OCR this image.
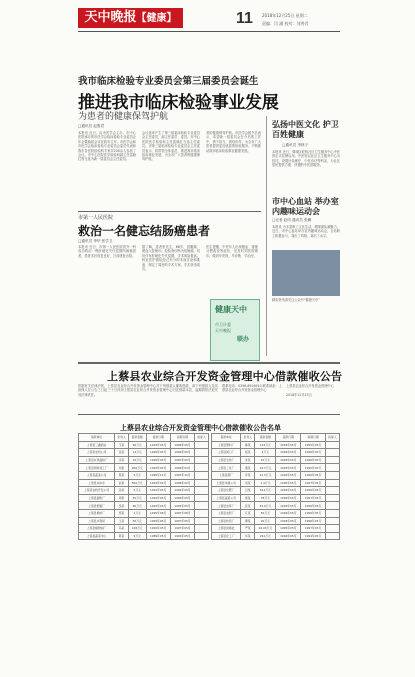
天中晚报【健康】	11 2018年12月25日 星期二
责编：闫 涵 校对：刘秀君
我市临床检验专业委员会第三届委员会诞生
推进我市临床检验事业发展
为患者的健康保驾护航
□通讯员 赵胜君
本报讯 近日，由市医学会主办，市中心医院承办的市医学会临床检验专业委员会年会暨换届会议在我市召开。市医学会和市医学会临床检验专业委员会委员代表和我市各医院检验科专家共200余人参加了会议。市中心医院医学检验科副主任雷晓红等当选为新一届委员会主任委员。
会议选举产生了第三届临床检验专业委员会主任委员、副主任委员、委员。市中心医院医学检验科主任雷晓红当选主任委员。市第三届临床检验专业委员会主任委员表示，将带领全体委员，推进我市临床检验事业发展，为全市广大患者的健康保驾护航。
者的健康保驾护航。市医学会秘书长表示，希望新一届委员会在今后的工作中，勇于担当，团结协作，为全市广大患者提供更加优质的检验服务，不断推动我市临床检验事业健康发展。
弘扬中医文化 护卫百姓健康
□通讯员 李林子
本报讯 近日，驿城区蛇桥社区卫生服务中心中医馆正式挂牌启用。中医馆以社区卫生服务中心为依托，设置针灸理疗、中医诊疗等科室，为社区居民提供方便、快捷的中医药服务。
市中心血站 举办室内趣味运动会
□记者 赵同 通讯员 张鹏
本报讯 为丰富职工文化生活，增强团队凝聚力，近日，市中心血站举办室内趣味运动会，全站职工积极参与，赛出了风格，赛出了水平。
精彩资讯请关注公众号“健康天中”
市第一人民医院
救治一名健忘结肠癌患者
□通讯员 李华 张学卫
本报讯 近日，市第一人民医院普外一科成功救治一例肝硬化失代偿期结肠癌患者，患者术后恢复良好，日前康复出院。
据了解，患者张先生，66岁，因腹痛、便血入院就诊。经检查诊断为结肠癌，同时伴有肝硬化失代偿期，手术风险极高。科室医护团队经过充分的术前讨论和准备，制定了周密的手术方案，手术获得成功。
医生提醒，中老年人出现便血、排便习惯改变等症状，应及时到医院就诊，做到早发现、早诊断、早治疗。
健康天中
市卫计委
天中晚报
联办
上蔡县农业综合开发资金管理中心借款催收公告
依据有关法律法规，上蔡县农业综合开发资金管理中心对下列借款人催收借款，请下列借款人及其担保人在公告之日起三十日内到上蔡县农业综合开发资金管理中心归还借款本息，逾期将依法追究其法律责任。
联系电话：0396-6916910 联系地址：上蔡县农业综合开发资金管理中心
上蔡县农业综合开发资金管理中心
2018年12月25日
上蔡县农业综合开发资金管理中心借款催收公告名单
借款单位	负责人	借款金额	借款日期	到期日期	担保人
上蔡县三鑫酒业	王某	60万元	1993年05月	1996年05月	
上蔡县农机公司	张某	14万元	1995年05月	1996年05月	
上蔡县东风面粉厂	李某	10万元	1995年05月	1997年05月	
上蔡县饲料加工厂	刘某	200万元	1993年04月	1996年04月	
上蔡县蔬菜公司	陈某	5万元	1995年12月	1997年12月	
上蔡县东岸乡	赵某	500万元	1993年02月	1996年02月	
上蔡县农牧开发公司	孙某	5万元	1991年05月	1994年05月	
上蔡县面粉厂	周某	55万元	1994年05月	1996年05月	
上蔡县纸箱厂	吴某	80万元	1993年05月	1995年05月	
上蔡县棉纺厂	郑某	1万元	1995年08月	1997年08月	
上蔡县水利局	王某	50万元	1993年05月	1997年05月	
上蔡县植物油厂	冯某	128万元	1994年05月	1997年05月	
上蔡县蔬菜中心	陈某	9万元	1989年05月	1993年05月	
借款单位	负责人	借款金额	借款日期	到期日期	担保人
上蔡县塑料厂	韩某	102万元	1993年05月	1995年05月	
上蔡县阀门厂	杨某	4万元	1994年05月	1996年05月	
上蔡县毛纺厂	朱某	10万元	1993年05月	1996年05月	
上蔡县二化厂	秦某	19.7万元	1993年05月	1995年05月	
上蔡县酒厂	许某	12.3万元	1992年05月	1996年05月	
上蔡县华康公司	何某	1.4万元	1995年05月	1997年05月	
上蔡县化肥厂	吕某	512万元	1993年05月	1996年05月	
上蔡县蔬菜公司	施某	78万元	1994年05月	1997年05月	
上蔡县皮革厂	张某	44.9万元	1993年05月	1996年05月	
上蔡县农药厂	孔某	50万元	1994年05月	1996年05月	
上蔡县纺织厂	曹某	20万元	1993年05月	1996年05月	
上蔡县供销社	严某	16.03万元	1995年05月	1997年05月	
上蔡县化工厂	华某	261万元	1992年05月	1994年05月	
